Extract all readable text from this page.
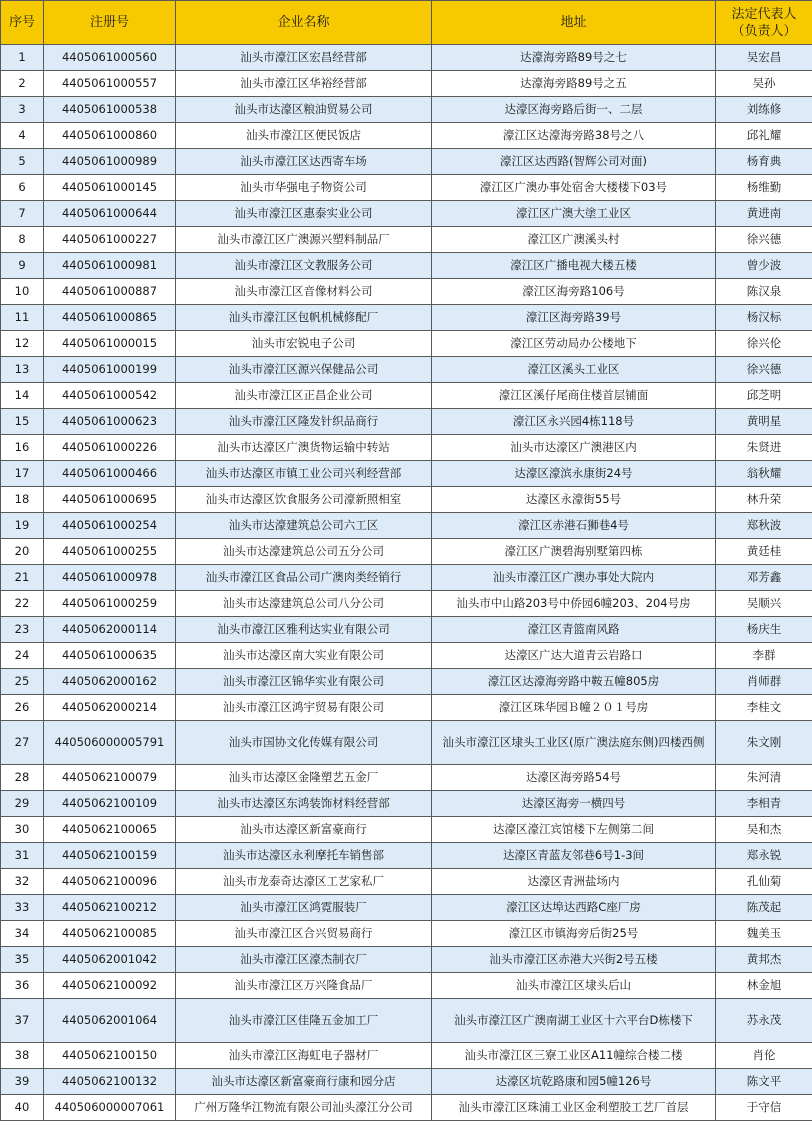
序号	注册号	企业名称	地址	法定代表人
（负责人）

1	4405061000560	汕头市濠江区宏昌经营部	达濠海旁路89号之七	吴宏昌
2	4405061000557	汕头市濠江区华裕经营部	达濠海旁路89号之五	吴孙
3	4405061000538	汕头市达濠区粮油贸易公司	达濠区海旁路后街一、二层	刘练修
4	4405061000860	汕头市濠江区便民饭店	濠江区达濠海旁路38号之八	邱礼耀
5	4405061000989	汕头市濠江区达西寄车场	濠江区达西路(智辉公司对面)	杨育典
6	4405061000145	汕头市华强电子物资公司	濠江区广澳办事处宿舍大楼楼下03号	杨维勤
7	4405061000644	汕头市濠江区惠泰实业公司	濠江区广澳大塗工业区	黄进南
8	4405061000227	汕头市濠江区广澳源兴塑料制品厂	濠江区广澳溪头村	徐兴德
9	4405061000981	汕头市濠江区文教服务公司	濠江区广播电视大楼五楼	曾少波
10	4405061000887	汕头市濠江区音像材料公司	濠江区海旁路106号	陈汉泉
11	4405061000865	汕头市濠江区包帆机械修配厂	濠江区海旁路39号	杨汉标
12	4405061000015	汕头市宏锐电子公司	濠江区劳动局办公楼地下	徐兴伦
13	4405061000199	汕头市濠江区源兴保健品公司	濠江区溪头工业区	徐兴德
14	4405061000542	汕头市濠江区正昌企业公司	濠江区溪仔尾商住楼首层铺面	邱芝明
15	4405061000623	汕头市濠江区隆发针织品商行	濠江区永兴园4栋118号	黄明星
16	4405061000226	汕头市达濠区广澳货物运输中转站	汕头市达濠区广澳港区内	朱贤进
17	4405061000466	汕头市达濠区市镇工业公司兴利经营部	达濠区濠滨永康街24号	翁秋耀
18	4405061000695	汕头市达濠区饮食服务公司濠新照相室	达濠区永濠街55号	林升荣
19	4405061000254	汕头市达濠建筑总公司六工区	濠江区赤港石狮巷4号	郑秋波
20	4405061000255	汕头市达濠建筑总公司五分公司	濠江区广澳碧海别墅第四栋	黄廷桂
21	4405061000978	汕头市濠江区食品公司广澳肉类经销行	汕头市濠江区广澳办事处大院内	邓芳鑫
22	4405061000259	汕头市达濠建筑总公司八分公司	汕头市中山路203号中侨园6幢203、204号房	吴顺兴
23	4405062000114	汕头市濠江区雅利达实业有限公司	濠江区青篮南风路	杨庆生
24	4405061000635	汕头市达濠区南大实业有限公司	达濠区广达大道青云岩路口	李群
25	4405062000162	汕头市濠江区锦华实业有限公司	濠江区达濠海旁路中鞍五幢805房	肖师群
26	4405062000214	汕头市濠江区鸿宇贸易有限公司	濠江区珠华园Ｂ幢２０１号房	李桂文
27	440506000005791	汕头市国协文化传媒有限公司	汕头市濠江区埭头工业区(原广澳法庭东侧)四楼西侧	朱文刚
28	4405062100079	汕头市达濠区金隆塑艺五金厂	达濠区海旁路54号	朱河清
29	4405062100109	汕头市达濠区东鸿装饰材料经营部	达濠区海旁一横四号	李相青
30	4405062100065	汕头市达濠区新富豪商行	达濠区濠江宾馆楼下左侧第二间	吴和杰
31	4405062100159	汕头市达濠区永利摩托车销售部	达濠区青蓝友邻巷6号1-3间	郑永锐
32	4405062100096	汕头市龙泰奇达濠区工艺家私厂	达濠区青洲盐场内	孔仙菊
33	4405062100212	汕头市濠江区鸿霓服装厂	濠江区达埠达西路C座厂房	陈茂起
34	4405062100085	汕头市濠江区合兴贸易商行	濠江区市镇海旁后街25号	魏美玉
35	4405062001042	汕头市濠江区濠杰制衣厂	汕头市濠江区赤港大兴街2号五楼	黄邦杰
36	4405062100092	汕头市濠江区万兴隆食品厂	汕头市濠江区埭头后山	林金旭
37	4405062001064	汕头市濠江区佳隆五金加工厂	汕头市濠江区广澳南湖工业区十六平台D栋楼下	苏永茂
38	4405062100150	汕头市濠江区海虹电子器材厂	汕头市濠江区三寮工业区A11幢综合楼二楼	肖伦
39	4405062100132	汕头市达濠区新富豪商行康和园分店	达濠区坑乾路康和园5幢126号	陈文平
40	440506000007061	广州万隆华江物流有限公司汕头濠江分公司	汕头市濠江区珠浦工业区金利塑胶工艺厂首层	于守信
